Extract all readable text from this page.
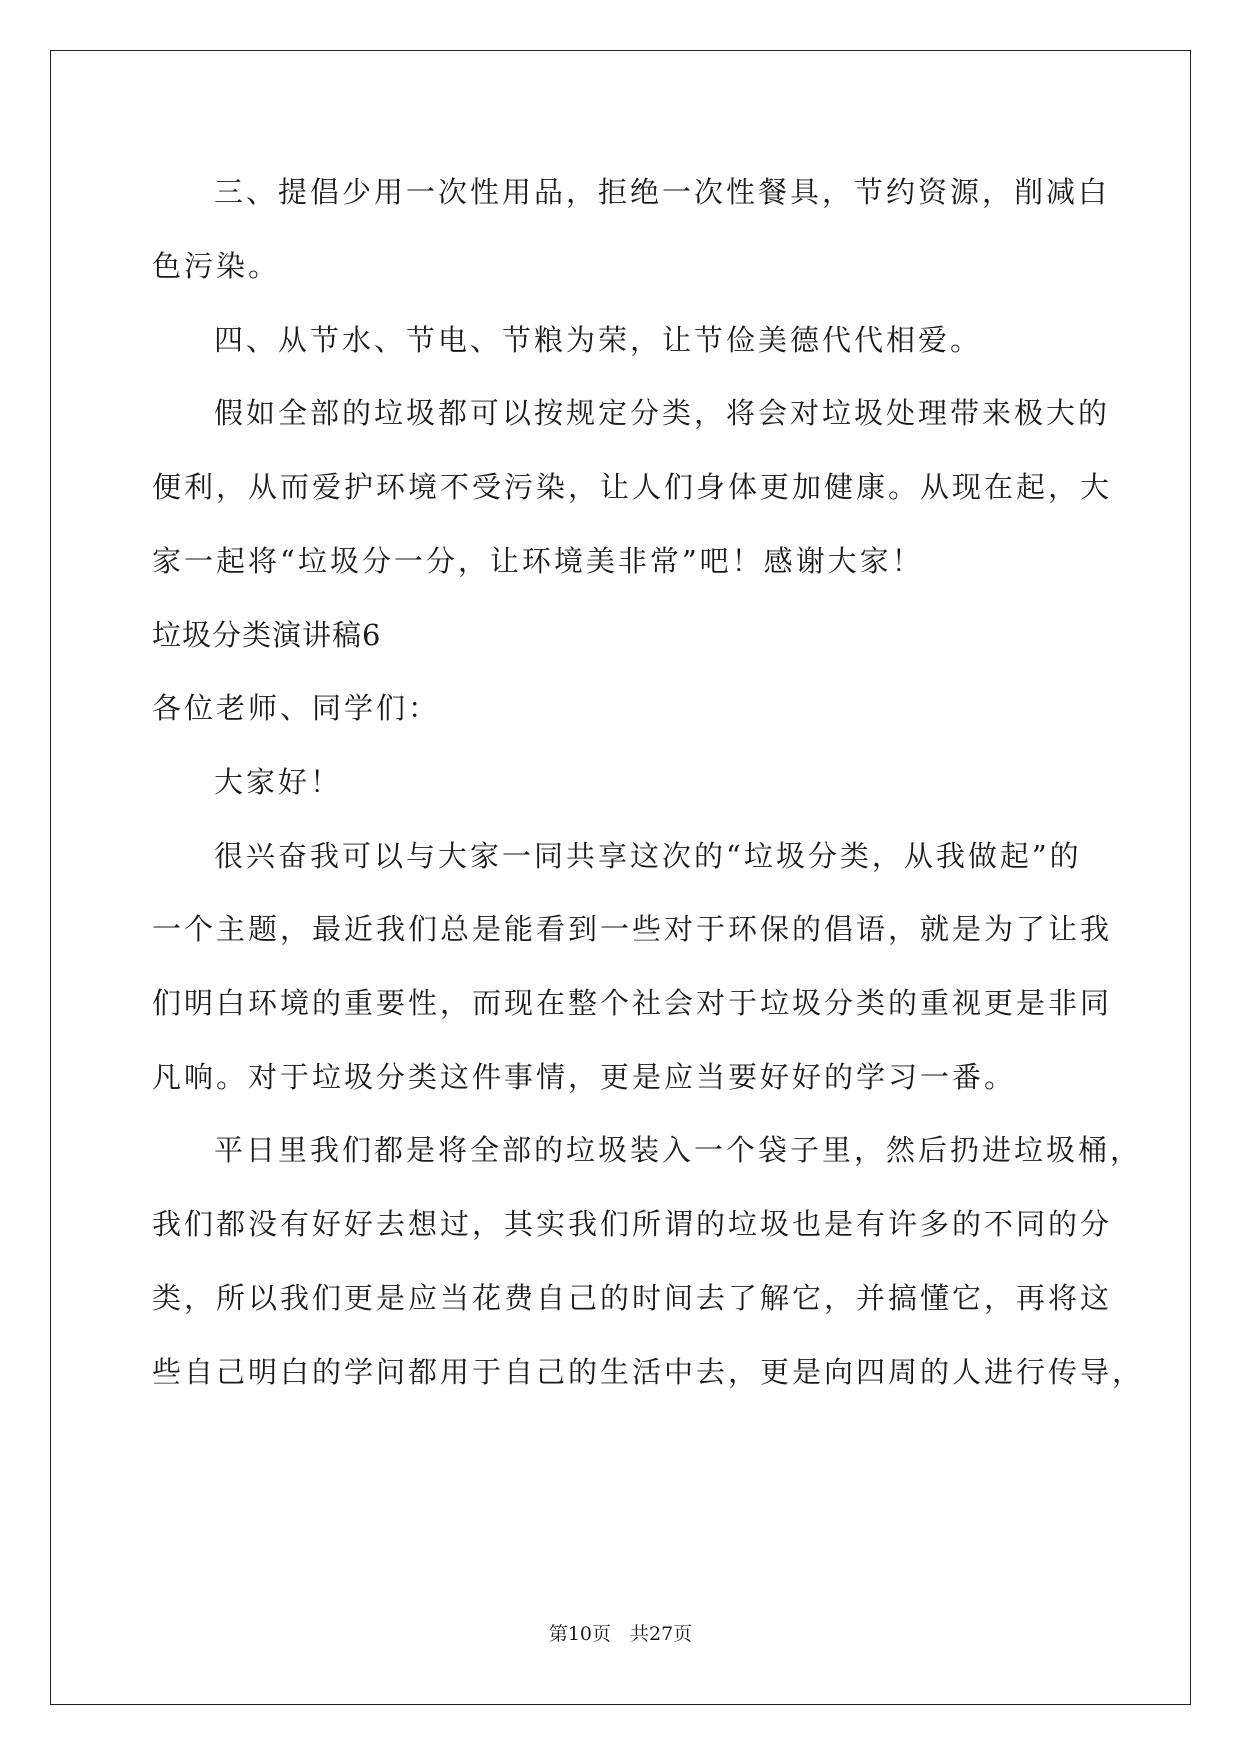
三、提倡少用一次性用品，拒绝一次性餐具，节约资源，削减白
色污染。
四、从节水、节电、节粮为荣，让节俭美德代代相爱。
假如全部的垃圾都可以按规定分类，将会对垃圾处理带来极大的
便利，从而爱护环境不受污染，让人们身体更加健康。从现在起，大
家一起将“垃圾分一分，让环境美非常”吧！感谢大家！
垃圾分类演讲稿6
各位老师、同学们：
大家好！
很兴奋我可以与大家一同共享这次的“垃圾分类，从我做起”的
一个主题，最近我们总是能看到一些对于环保的倡语，就是为了让我
们明白环境的重要性，而现在整个社会对于垃圾分类的重视更是非同
凡响。对于垃圾分类这件事情，更是应当要好好的学习一番。
平日里我们都是将全部的垃圾装入一个袋子里，然后扔进垃圾桶，
我们都没有好好去想过，其实我们所谓的垃圾也是有许多的不同的分
类，所以我们更是应当花费自己的时间去了解它，并搞懂它，再将这
些自己明白的学问都用于自己的生活中去，更是向四周的人进行传导，
第10页　共27页
